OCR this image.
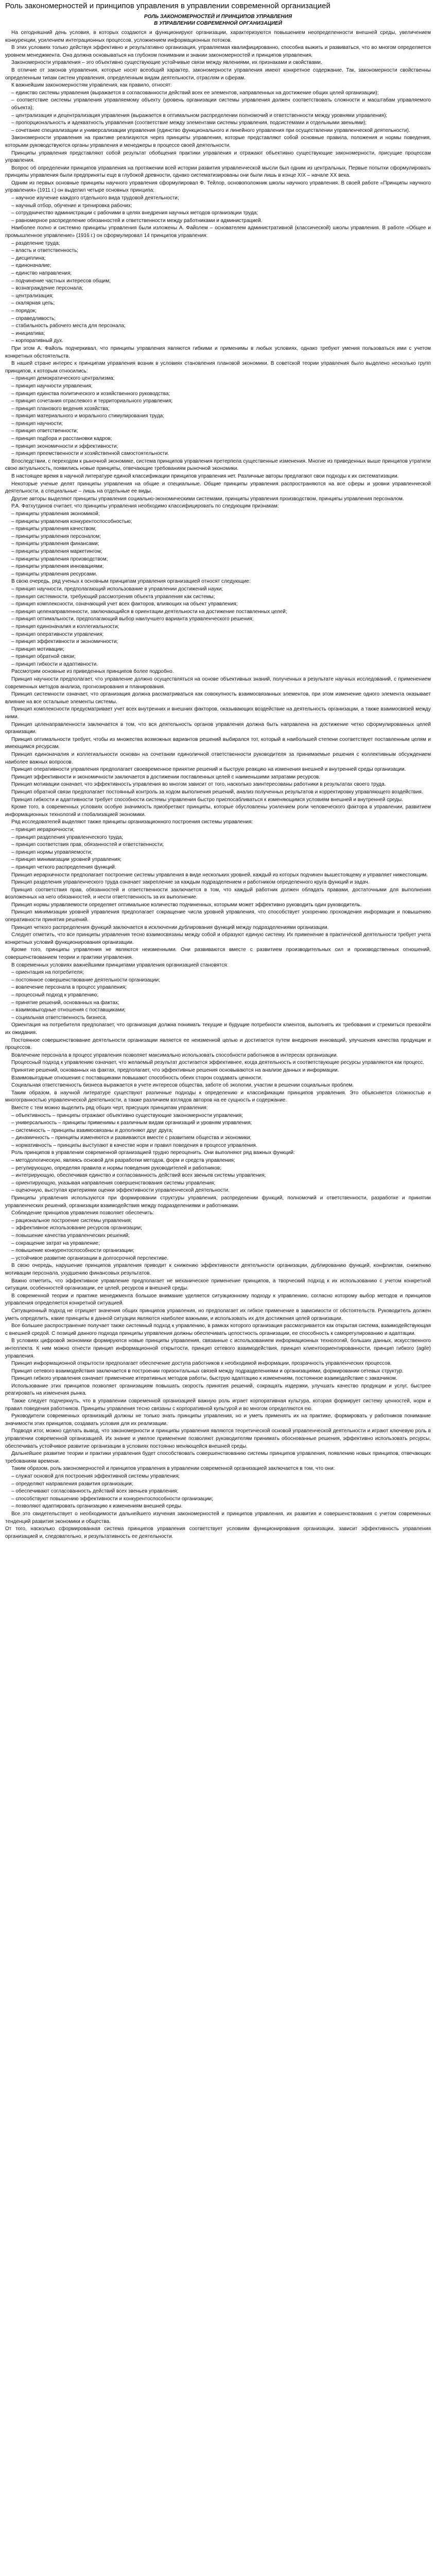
Роль закономерностей и принципов управления в управлении современной организацией
РОЛЬ ЗАКОНОМЕРНОСТЕЙ И ПРИНЦИПОВ УПРАВЛЕНИЯ
В УПРАВЛЕНИИ СОВРЕМЕННОЙ ОРГАНИЗАЦИЕЙ

На сегодняшний день условия, в которых создаются и функционируют организации, характеризуются повышением неопределенности внешней среды, увеличением конкуренции, усилением интеграционных процессов, усложнением информационных потоков.

В этих условиях только действуя эффективно и результативно организация, управляемая квалифицированно, способна выжить и развиваться, что во многом определяется уровнем менеджмента. Она должна основываться на глубоком понимании и знании закономерностей и принципов управления.

Закономерности управления – это объективно существующие устойчивые связи между явлениями, их признаками и свойствами.

В отличие от законов управления, которые носят всеобщий характер, закономерности управления имеют конкретное содержание. Так, закономерности свойственны определенным типам систем управления, определенным видам деятельности, отраслям и сферам.

К важнейшим закономерностям управления, как правило, относят:

– единство системы управления (выражается в согласованности действий всех ее элементов, направленных на достижение общих целей организации);

– соответствие системы управления управляемому объекту (уровень организации системы управления должен соответствовать сложности и масштабам управляемого объекта);

– централизация и децентрализация управления (выражается в оптимальном распределении полномочий и ответственности между уровнями управления);

– пропорциональность и адекватность управления (соответствие между элементами системы управления, подсистемами и отдельными звеньями);

– сочетание специализации и универсализации управления (единство функционального и линейного управления при осуществлении управленческой деятельности).

Закономерности управления на практике реализуются через принципы управления, которые представляют собой основные правила, положения и нормы поведения, которыми руководствуются органы управления и менеджеры в процессе своей деятельности.

Принципы управления представляют собой результат обобщения практики управления и отражают объективно существующие закономерности, присущие процессам управления.

Вопрос об определении принципов управления на протяжении всей истории развития управленческой мысли был одним из центральных. Первые попытки сформулировать принципы управления были предприняты еще в глубокой древности, однако систематизированы они были лишь в конце XIX – начале XX века.

Одним из первых основные принципы научного управления сформулировал Ф. Тейлор, основоположник школы научного управления. В своей работе «Принципы научного управления» (1911 г.) он выделил четыре основных принципа:

– научное изучение каждого отдельного вида трудовой деятельности;

– научный отбор, обучение и тренировка рабочих;

– сотрудничество администрации с рабочими в целях внедрения научных методов организации труда;

– равномерное распределение обязанностей и ответственности между работниками и администрацией.

Наиболее полно и системно принципы управления были изложены А. Файолем – основателем административной (классической) школы управления. В работе «Общее и промышленное управление» (1916 г.) он сформулировал 14 принципов управления:

– разделение труда;

– власть и ответственность;

– дисциплина;

– единоначалие;

– единство направления;

– подчинение частных интересов общим;

– вознаграждение персонала;

– централизация;

– скалярная цепь;

– порядок;

– справедливость;

– стабильность рабочего места для персонала;

– инициатива;

– корпоративный дух.

При этом А. Файоль подчеркивал, что принципы управления являются гибкими и применимы в любых условиях, однако требуют умения пользоваться ими с учетом конкретных обстоятельств.

В нашей стране интерес к принципам управления возник в условиях становления плановой экономики. В советской теории управления было выделено несколько групп принципов, к которым относились:

– принцип демократического централизма;

– принцип научности управления;

– принцип единства политического и хозяйственного руководства;

– принцип сочетания отраслевого и территориального управления;

– принцип планового ведения хозяйства;

– принцип материального и морального стимулирования труда;

– принцип научности;

– принцип ответственности;

– принцип подбора и расстановки кадров;

– принцип экономичности и эффективности;

– принцип преемственности и хозяйственной самостоятельности.

Впоследствии, с переходом к рыночной экономике, система принципов управления претерпела существенные изменения. Многие из приведенных выше принципов утратили свою актуальность, появились новые принципы, отвечающие требованиям рыночной экономики.

В настоящее время в научной литературе единой классификации принципов управления нет. Различные авторы предлагают свои подходы к их систематизации.

Некоторые ученые делят принципы управления на общие и специальные. Общие принципы управления распространяются на все сферы и уровни управленческой деятельности, а специальные – лишь на отдельные ее виды.

Другие авторы выделяют принципы управления социально-экономическими системами, принципы управления производством, принципы управления персоналом.

Р.А. Фатхутдинов считает, что принципы управления необходимо классифицировать по следующим признакам:

– принципы управления экономикой;

– принципы управления конкурентоспособностью;

– принципы управления качеством;

– принципы управления персоналом;

– принципы управления финансами;

– принципы управления маркетингом;

– принципы управления производством;

– принципы управления инновациями;

– принципы управления ресурсами.

В свою очередь, ряд ученых к основным принципам управления организацией относят следующие:

– принцип научности, предполагающий использование в управлении достижений науки;

– принцип системности, требующий рассмотрения объекта управления как системы;

– принцип комплексности, означающий учет всех факторов, влияющих на объект управления;

– принцип целенаправленности, заключающийся в ориентации деятельности на достижение поставленных целей;

– принцип оптимальности, предполагающий выбор наилучшего варианта управленческого решения;

– принцип единоначалия и коллегиальности;

– принцип оперативности управления;

– принцип эффективности и экономичности;

– принцип мотивации;

– принцип обратной связи;

– принцип гибкости и адаптивности.

Рассмотрим основные из приведенных принципов более подробно.

Принцип научности предполагает, что управление должно осуществляться на основе объективных знаний, полученных в результате научных исследований, с применением современных методов анализа, прогнозирования и планирования.

Принцип системности означает, что организация должна рассматриваться как совокупность взаимосвязанных элементов, при этом изменение одного элемента оказывает влияние на все остальные элементы системы.

Принцип комплексности предусматривает учет всех внутренних и внешних факторов, оказывающих воздействие на деятельность организации, а также взаимосвязей между ними.

Принцип целенаправленности заключается в том, что вся деятельность органов управления должна быть направлена на достижение четко сформулированных целей организации.

Принцип оптимальности требует, чтобы из множества возможных вариантов решений выбирался тот, который в наибольшей степени соответствует поставленным целям и имеющимся ресурсам.

Принцип единоначалия и коллегиальности основан на сочетании единоличной ответственности руководителя за принимаемые решения с коллективным обсуждением наиболее важных вопросов.

Принцип оперативности управления предполагает своевременное принятие решений и быструю реакцию на изменения внешней и внутренней среды организации.

Принцип эффективности и экономичности заключается в достижении поставленных целей с наименьшими затратами ресурсов.

Принцип мотивации означает, что эффективность управления во многом зависит от того, насколько заинтересованы работники в результатах своего труда.

Принцип обратной связи предполагает постоянный контроль за ходом выполнения решений, анализ полученных результатов и корректировку управляющего воздействия.

Принцип гибкости и адаптивности требует способности системы управления быстро приспосабливаться к изменяющимся условиям внешней и внутренней среды.

Кроме того, в современных условиях особую значимость приобретают принципы, которые обусловлены усилением роли человеческого фактора в управлении, развитием информационных технологий и глобализацией экономики.

Ряд исследователей выделяют также принципы организационного построения системы управления:

– принцип иерархичности;

– принцип разделения управленческого труда;

– принцип соответствия прав, обязанностей и ответственности;

– принцип нормы управляемости;

– принцип минимизации уровней управления;

– принцип четкого распределения функций.

Принцип иерархичности предполагает построение системы управления в виде нескольких уровней, каждый из которых подчинен вышестоящему и управляет нижестоящим.

Принцип разделения управленческого труда означает закрепление за каждым подразделением и работником определенного круга функций и задач.

Принцип соответствия прав, обязанностей и ответственности заключается в том, что каждый работник должен обладать правами, достаточными для выполнения возложенных на него обязанностей, и нести ответственность за их выполнение.

Принцип нормы управляемости определяет оптимальное количество подчиненных, которыми может эффективно руководить один руководитель.

Принцип минимизации уровней управления предполагает сокращение числа уровней управления, что способствует ускорению прохождения информации и повышению оперативности принятия решений.

Принцип четкого распределения функций заключается в исключении дублирования функций между подразделениями организации.

Следует отметить, что все принципы управления тесно взаимосвязаны между собой и образуют единую систему. Их применение в практической деятельности требует учета конкретных условий функционирования организации.

Кроме того, принципы управления не являются неизменными. Они развиваются вместе с развитием производительных сил и производственных отношений, совершенствованием теории и практики управления.

В современных условиях важнейшими принципами управления организацией становятся:

– ориентация на потребителя;

– постоянное совершенствование деятельности организации;

– вовлечение персонала в процесс управления;

– процессный подход к управлению;

– принятие решений, основанных на фактах;

– взаимовыгодные отношения с поставщиками;

– социальная ответственность бизнеса.

Ориентация на потребителя предполагает, что организация должна понимать текущие и будущие потребности клиентов, выполнять их требования и стремиться превзойти их ожидания.

Постоянное совершенствование деятельности организации является ее неизменной целью и достигается путем внедрения инноваций, улучшения качества продукции и процессов.

Вовлечение персонала в процесс управления позволяет максимально использовать способности работников в интересах организации.

Процессный подход к управлению означает, что желаемый результат достигается эффективнее, когда деятельность и соответствующие ресурсы управляются как процесс.

Принятие решений, основанных на фактах, предполагает, что эффективные решения основываются на анализе данных и информации.

Взаимовыгодные отношения с поставщиками повышают способность обеих сторон создавать ценности.

Социальная ответственность бизнеса выражается в учете интересов общества, заботе об экологии, участии в решении социальных проблем.

Таким образом, в научной литературе существуют различные подходы к определению и классификации принципов управления. Это объясняется сложностью и многогранностью управленческой деятельности, а также различием взглядов авторов на ее сущность и содержание.

Вместе с тем можно выделить ряд общих черт, присущих принципам управления:

– объективность – принципы отражают объективно существующие закономерности управления;

– универсальность – принципы применимы к различным видам организаций и уровням управления;

– системность – принципы взаимосвязаны и дополняют друг друга;

– динамичность – принципы изменяются и развиваются вместе с развитием общества и экономики;

– нормативность – принципы выступают в качестве норм и правил поведения в процессе управления.

Роль принципов в управлении современной организацией трудно переоценить. Они выполняют ряд важных функций:

– методологическую, являясь основой для разработки методов, форм и средств управления;

– регулирующую, определяя правила и нормы поведения руководителей и работников;

– интегрирующую, обеспечивая единство и согласованность действий всех звеньев системы управления;

– ориентирующую, указывая направления совершенствования системы управления;

– оценочную, выступая критериями оценки эффективности управленческой деятельности.

Принципы управления используются при формировании структуры управления, распределении функций, полномочий и ответственности, разработке и принятии управленческих решений, организации взаимодействия между подразделениями и работниками.

Соблюдение принципов управления позволяет обеспечить:

– рациональное построение системы управления;

– эффективное использование ресурсов организации;

– повышение качества управленческих решений;

– сокращение затрат на управление;

– повышение конкурентоспособности организации;

– устойчивое развитие организации в долгосрочной перспективе.

В свою очередь, нарушение принципов управления приводит к снижению эффективности деятельности организации, дублированию функций, конфликтам, снижению мотивации персонала, ухудшению финансовых результатов.

Важно отметить, что эффективное управление предполагает не механическое применение принципов, а творческий подход к их использованию с учетом конкретной ситуации, особенностей организации, ее целей, ресурсов и внешней среды.

В современной теории и практике менеджмента большое внимание уделяется ситуационному подходу к управлению, согласно которому выбор методов и принципов управления определяется конкретной ситуацией.

Ситуационный подход не отрицает значения общих принципов управления, но предполагает их гибкое применение в зависимости от обстоятельств. Руководитель должен уметь определить, какие принципы в данной ситуации являются наиболее важными, и использовать их для достижения целей организации.

Все большее распространение получает также системный подход к управлению, в рамках которого организация рассматривается как открытая система, взаимодействующая с внешней средой. С позиций данного подхода принципы управления должны обеспечивать целостность организации, ее способность к саморегулированию и адаптации.

В условиях цифровой экономики формируются новые принципы управления, связанные с использованием информационных технологий, больших данных, искусственного интеллекта. К ним можно отнести принцип информационной открытости, принцип сетевого взаимодействия, принцип клиентоориентированности, принцип гибкого (agile) управления.

Принцип информационной открытости предполагает обеспечение доступа работников к необходимой информации, прозрачность управленческих процессов.

Принцип сетевого взаимодействия заключается в построении горизонтальных связей между подразделениями и организациями, формировании сетевых структур.

Принцип гибкого управления означает применение итеративных методов работы, быструю адаптацию к изменениям, постоянное взаимодействие с заказчиком.

Использование этих принципов позволяет организациям повышать скорость принятия решений, сокращать издержки, улучшать качество продукции и услуг, быстрее реагировать на изменения рынка.

Также следует подчеркнуть, что в управлении современной организацией важную роль играет корпоративная культура, которая формирует систему ценностей, норм и правил поведения работников. Принципы управления тесно связаны с корпоративной культурой и во многом определяются ею.

Руководители современных организаций должны не только знать принципы управления, но и уметь применять их на практике, формировать у работников понимание значимости этих принципов, создавать условия для их реализации.

Подводя итог, можно сделать вывод, что закономерности и принципы управления являются теоретической основой управленческой деятельности и играют ключевую роль в управлении современной организацией. Их знание и умелое применение позволяют руководителям принимать обоснованные решения, эффективно использовать ресурсы, обеспечивать устойчивое развитие организации в условиях постоянно меняющейся внешней среды.

Дальнейшее развитие теории и практики управления будет способствовать совершенствованию системы принципов управления, появлению новых принципов, отвечающих требованиям времени.

Таким образом, роль закономерностей и принципов управления в управлении современной организацией заключается в том, что они:

– служат основой для построения эффективной системы управления;

– определяют направления развития организации;

– обеспечивают согласованность действий всех звеньев управления;

– способствуют повышению эффективности и конкурентоспособности организации;

– позволяют адаптировать организацию к изменениям внешней среды.

Все это свидетельствует о необходимости дальнейшего изучения закономерностей и принципов управления, их развития и совершенствования с учетом современных тенденций развития экономики и общества.

От того, насколько сформированная система принципов управления соответствует условиям функционирования организации, зависит эффективность управления организацией и, следовательно, и результативность ее деятельности.
